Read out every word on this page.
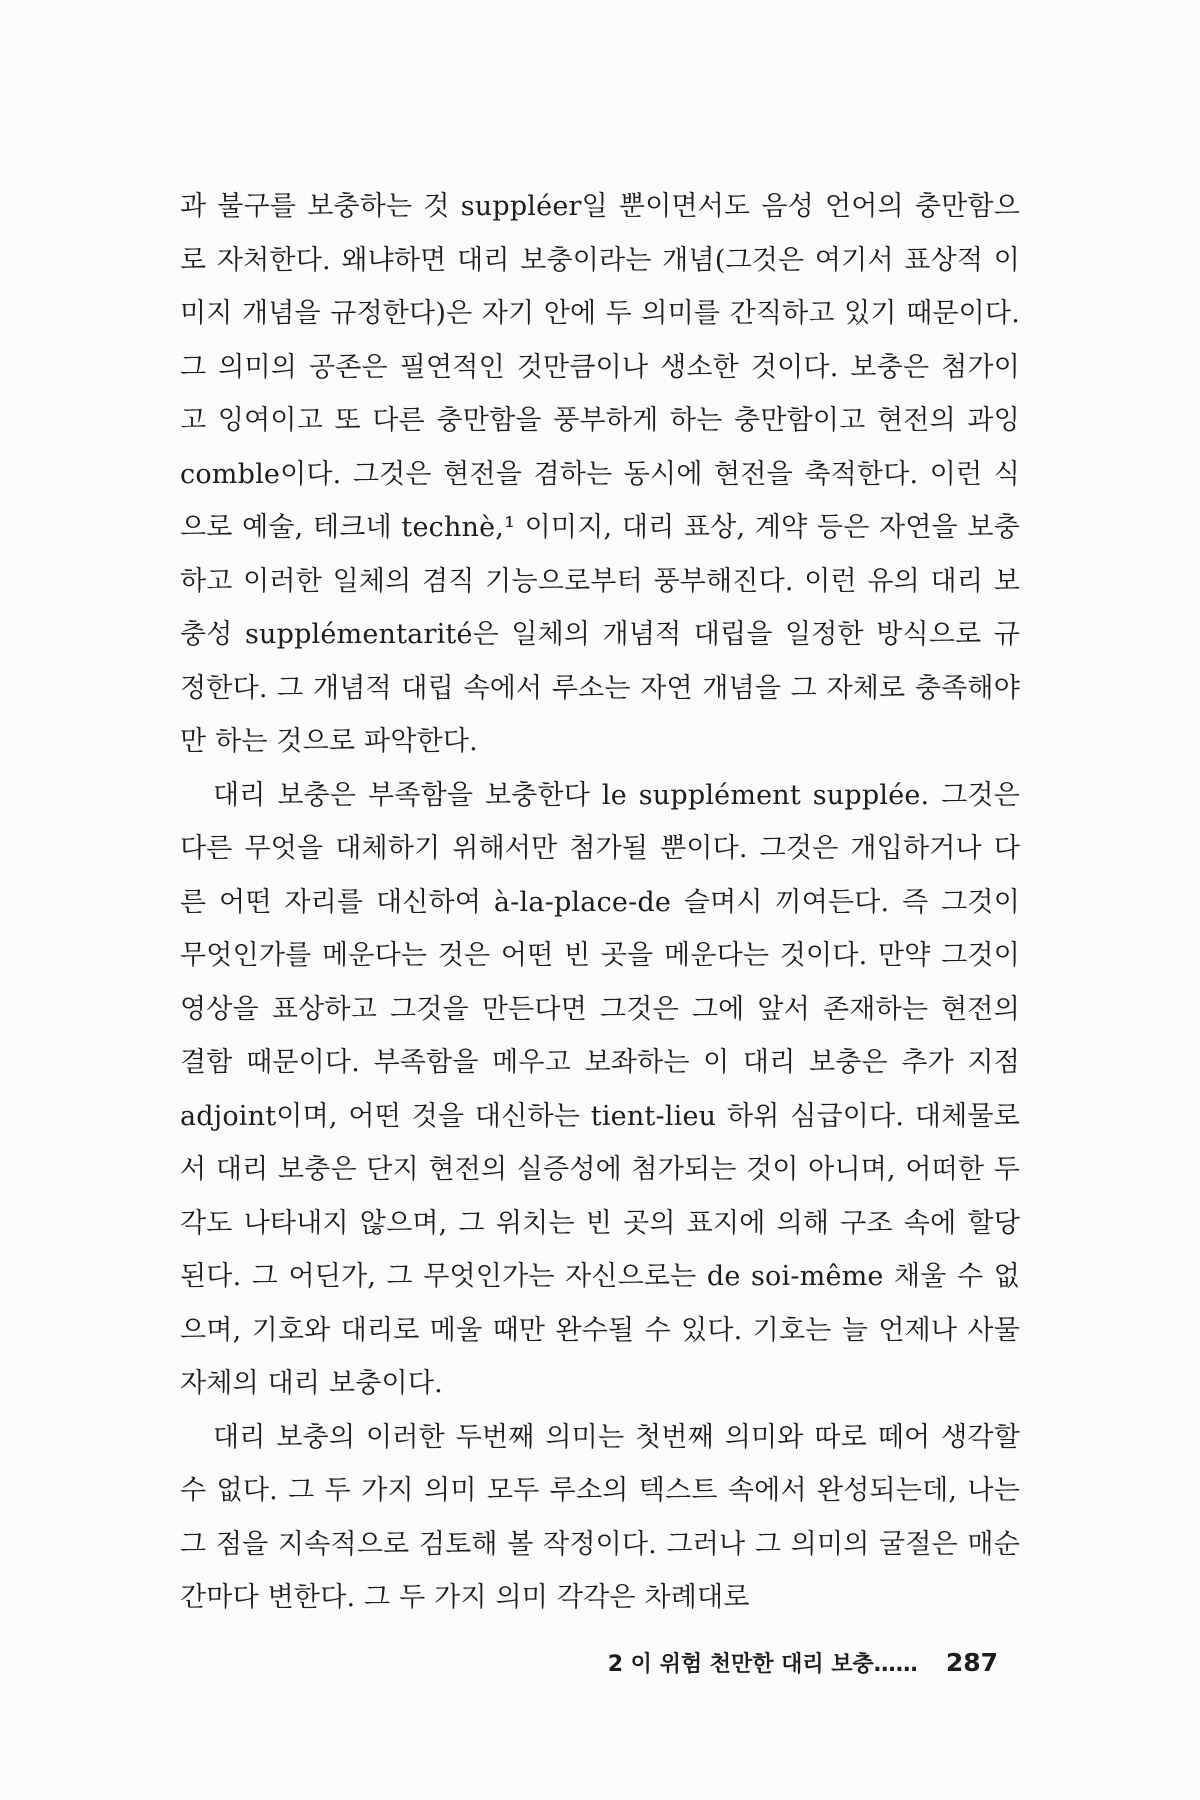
과 불구를 보충하는 것 suppléer일 뿐이면서도 음성 언어의 충만함으로 자처한다. 왜냐하면 대리 보충이라는 개념(그것은 여기서 표상적 이미지 개념을 규정한다)은 자기 안에 두 의미를 간직하고 있기 때문이다. 그 의미의 공존은 필연적인 것만큼이나 생소한 것이다. 보충은 첨가이고 잉여이고 또 다른 충만함을 풍부하게 하는 충만함이고 현전의 과잉 comble이다. 그것은 현전을 겸하는 동시에 현전을 축적한다. 이런 식으로 예술, 테크네 technè,¹ 이미지, 대리 표상, 계약 등은 자연을 보충하고 이러한 일체의 겸직 기능으로부터 풍부해진다. 이런 유의 대리 보충성 supplémentarité은 일체의 개념적 대립을 일정한 방식으로 규정한다. 그 개념적 대립 속에서 루소는 자연 개념을 그 자체로 충족해야만 하는 것으로 파악한다.

대리 보충은 부족함을 보충한다 le supplément supplée. 그것은 다른 무엇을 대체하기 위해서만 첨가될 뿐이다. 그것은 개입하거나 다른 어떤 자리를 대신하여 à-la-place-de 슬며시 끼여든다. 즉 그것이 무엇인가를 메운다는 것은 어떤 빈 곳을 메운다는 것이다. 만약 그것이 영상을 표상하고 그것을 만든다면 그것은 그에 앞서 존재하는 현전의 결함 때문이다. 부족함을 메우고 보좌하는 이 대리 보충은 추가 지점 adjoint이며, 어떤 것을 대신하는 tient-lieu 하위 심급이다. 대체물로서 대리 보충은 단지 현전의 실증성에 첨가되는 것이 아니며, 어떠한 두각도 나타내지 않으며, 그 위치는 빈 곳의 표지에 의해 구조 속에 할당된다. 그 어딘가, 그 무엇인가는 자신으로는 de soi-même 채울 수 없으며, 기호와 대리로 메울 때만 완수될 수 있다. 기호는 늘 언제나 사물 자체의 대리 보충이다.

대리 보충의 이러한 두번째 의미는 첫번째 의미와 따로 떼어 생각할 수 없다. 그 두 가지 의미 모두 루소의 텍스트 속에서 완성되는데, 나는 그 점을 지속적으로 검토해 볼 작정이다. 그러나 그 의미의 굴절은 매순간마다 변한다. 그 두 가지 의미 각각은 차례대로

2 이 위험 천만한 대리 보충…… 287
